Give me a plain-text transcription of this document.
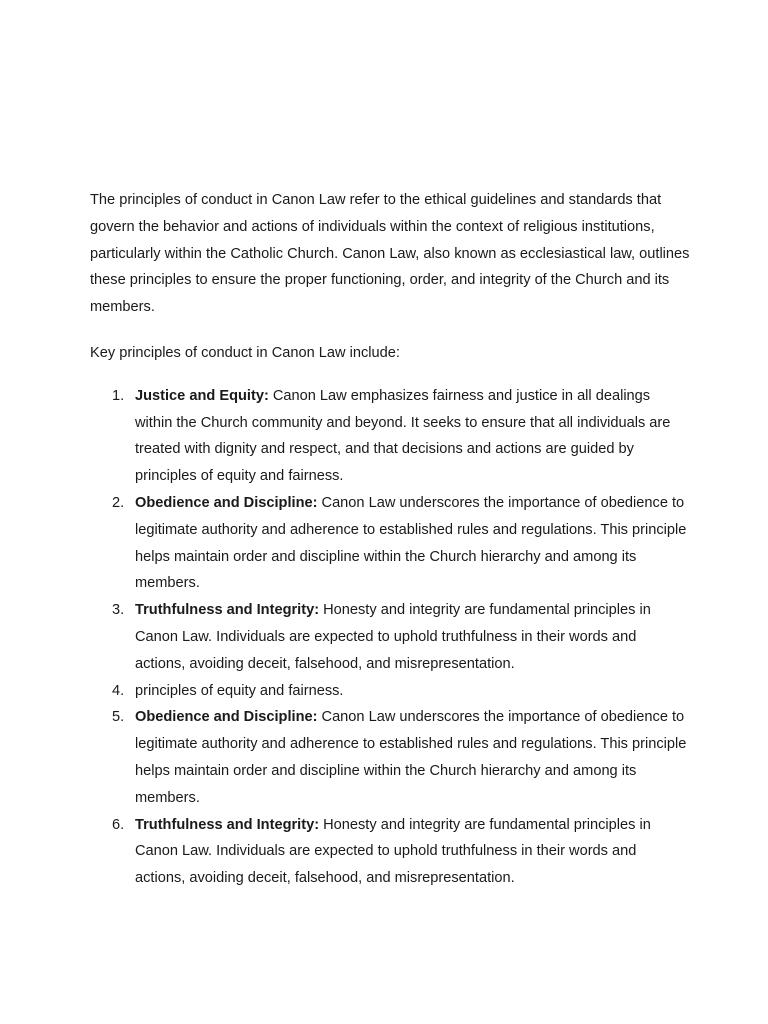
The principles of conduct in Canon Law refer to the ethical guidelines and standards that govern the behavior and actions of individuals within the context of religious institutions, particularly within the Catholic Church. Canon Law, also known as ecclesiastical law, outlines these principles to ensure the proper functioning, order, and integrity of the Church and its members.

Key principles of conduct in Canon Law include:

1. Justice and Equity: Canon Law emphasizes fairness and justice in all dealings within the Church community and beyond. It seeks to ensure that all individuals are treated with dignity and respect, and that decisions and actions are guided by principles of equity and fairness.
2. Obedience and Discipline: Canon Law underscores the importance of obedience to legitimate authority and adherence to established rules and regulations. This principle helps maintain order and discipline within the Church hierarchy and among its members.
3. Truthfulness and Integrity: Honesty and integrity are fundamental principles in Canon Law. Individuals are expected to uphold truthfulness in their words and actions, avoiding deceit, falsehood, and misrepresentation.
4. principles of equity and fairness.
5. Obedience and Discipline: Canon Law underscores the importance of obedience to legitimate authority and adherence to established rules and regulations. This principle helps maintain order and discipline within the Church hierarchy and among its members.
6. Truthfulness and Integrity: Honesty and integrity are fundamental principles in Canon Law. Individuals are expected to uphold truthfulness in their words and actions, avoiding deceit, falsehood, and misrepresentation.
